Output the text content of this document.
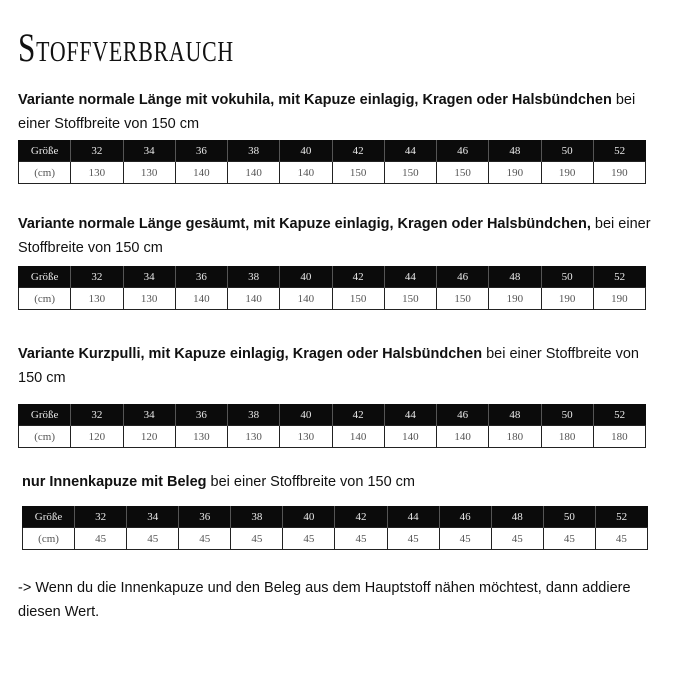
Stoffverbrauch
Variante normale Länge mit vokuhila, mit Kapuze einlagig, Kragen oder Halsbündchen bei einer Stoffbreite von 150 cm
Größe	32	34	36	38	40	42	44	46	48	50	52
(cm)	130	130	140	140	140	150	150	150	190	190	190
Variante normale Länge gesäumt, mit Kapuze einlagig, Kragen oder Halsbündchen, bei einer Stoffbreite von 150 cm
Größe	32	34	36	38	40	42	44	46	48	50	52
(cm)	130	130	140	140	140	150	150	150	190	190	190
Variante Kurzpulli, mit Kapuze einlagig, Kragen oder Halsbündchen bei einer Stoffbreite von 150 cm
Größe	32	34	36	38	40	42	44	46	48	50	52
(cm)	120	120	130	130	130	140	140	140	180	180	180
nur Innenkapuze mit Beleg bei einer Stoffbreite von 150 cm
Größe	32	34	36	38	40	42	44	46	48	50	52
(cm)	45	45	45	45	45	45	45	45	45	45	45
-> Wenn du die Innenkapuze und den Beleg aus dem Hauptstoff nähen möchtest, dann addiere diesen Wert.
